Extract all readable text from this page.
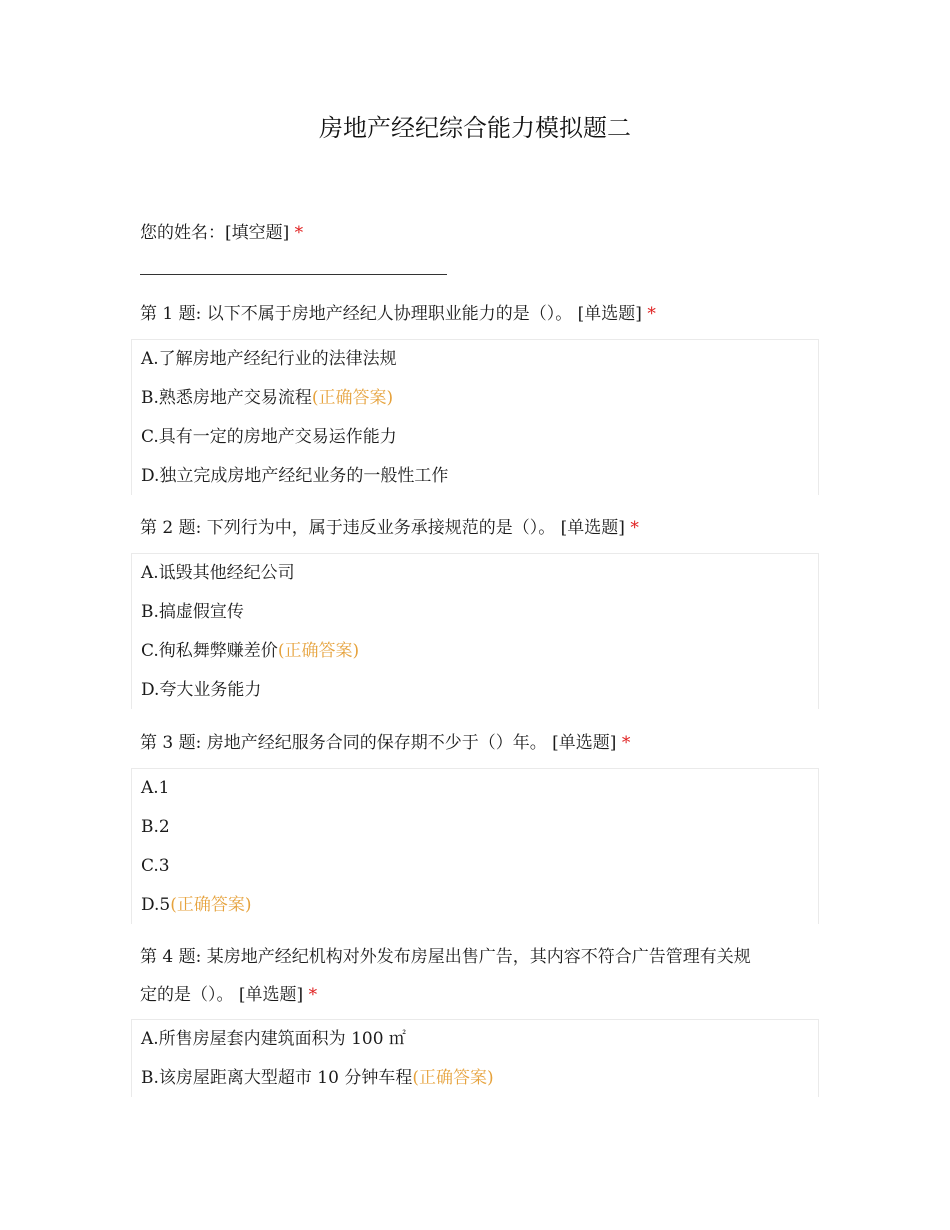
房地产经纪综合能力模拟题二
您的姓名：[填空题] *
第 1 题: 以下不属于房地产经纪人协理职业能力的是（）。 [单选题] *
A.了解房地产经纪行业的法律法规
B.熟悉房地产交易流程(正确答案)
C.具有一定的房地产交易运作能力
D.独立完成房地产经纪业务的一般性工作
第 2 题: 下列行为中，属于违反业务承接规范的是（）。 [单选题] *
A.诋毁其他经纪公司
B.搞虚假宣传
C.徇私舞弊赚差价(正确答案)
D.夸大业务能力
第 3 题: 房地产经纪服务合同的保存期不少于（）年。 [单选题] *
A.1
B.2
C.3
D.5(正确答案)
第 4 题: 某房地产经纪机构对外发布房屋出售广告，其内容不符合广告管理有关规
定的是（）。 [单选题] *
A.所售房屋套内建筑面积为 100 ㎡
B.该房屋距离大型超市 10 分钟车程(正确答案)
